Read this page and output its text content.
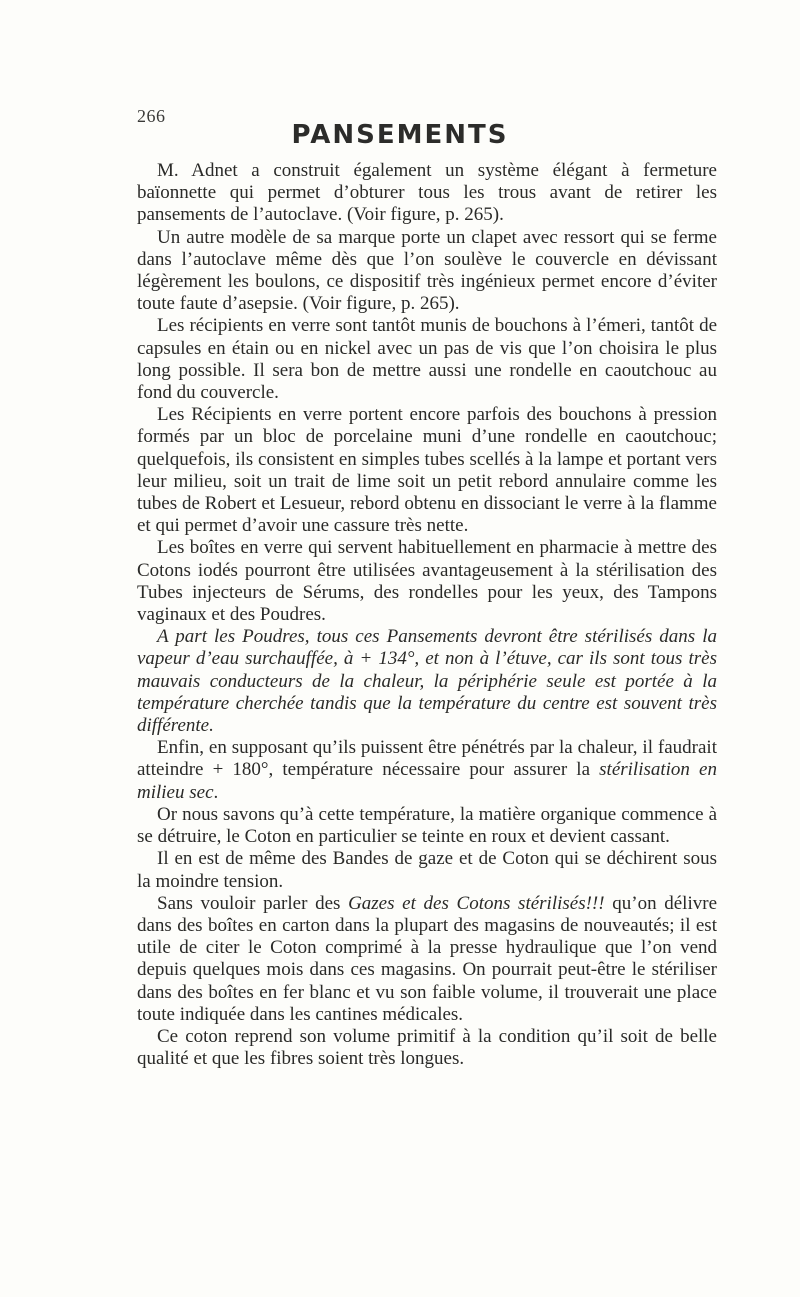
266
PANSEMENTS

M. Adnet a construit également un système élégant à fermeture baïonnette qui permet d’obturer tous les trous avant de retirer les pansements de l’autoclave. (Voir figure, p. 265).

Un autre modèle de sa marque porte un clapet avec ressort qui se ferme dans l’autoclave même dès que l’on soulève le couvercle en dévissant légèrement les boulons, ce dispositif très ingénieux permet encore d’éviter toute faute d’asepsie. (Voir figure, p. 265).

Les récipients en verre sont tantôt munis de bouchons à l’émeri, tantôt de capsules en étain ou en nickel avec un pas de vis que l’on choisira le plus long possible. Il sera bon de mettre aussi une rondelle en caoutchouc au fond du couvercle.

Les Récipients en verre portent encore parfois des bouchons à pression formés par un bloc de porcelaine muni d’une rondelle en caoutchouc; quelquefois, ils consistent en simples tubes scellés à la lampe et portant vers leur milieu, soit un trait de lime soit un petit rebord annulaire comme les tubes de Robert et Lesueur, rebord obtenu en dissociant le verre à la flamme et qui permet d’avoir une cassure très nette.

Les boîtes en verre qui servent habituellement en pharmacie à mettre des Cotons iodés pourront être utilisées avantageusement à la stérilisation des Tubes injecteurs de Sérums, des rondelles pour les yeux, des Tampons vaginaux et des Poudres.

A part les Poudres, tous ces Pansements devront être stérilisés dans la vapeur d’eau surchauffée, à + 134°, et non à l’étuve, car ils sont tous très mauvais conducteurs de la chaleur, la périphérie seule est portée à la température cherchée tandis que la température du centre est souvent très différente.

Enfin, en supposant qu’ils puissent être pénétrés par la chaleur, il faudrait atteindre + 180°, température nécessaire pour assurer la stérilisation en milieu sec.

Or nous savons qu’à cette température, la matière organique commence à se détruire, le Coton en particulier se teinte en roux et devient cassant.

Il en est de même des Bandes de gaze et de Coton qui se déchirent sous la moindre tension.

Sans vouloir parler des Gazes et des Cotons stérilisés!!! qu’on délivre dans des boîtes en carton dans la plupart des magasins de nouveautés; il est utile de citer le Coton comprimé à la presse hydraulique que l’on vend depuis quelques mois dans ces magasins. On pourrait peut-être le stériliser dans des boîtes en fer blanc et vu son faible volume, il trouverait une place toute indiquée dans les cantines médicales.

Ce coton reprend son volume primitif à la condition qu’il soit de belle qualité et que les fibres soient très longues.
